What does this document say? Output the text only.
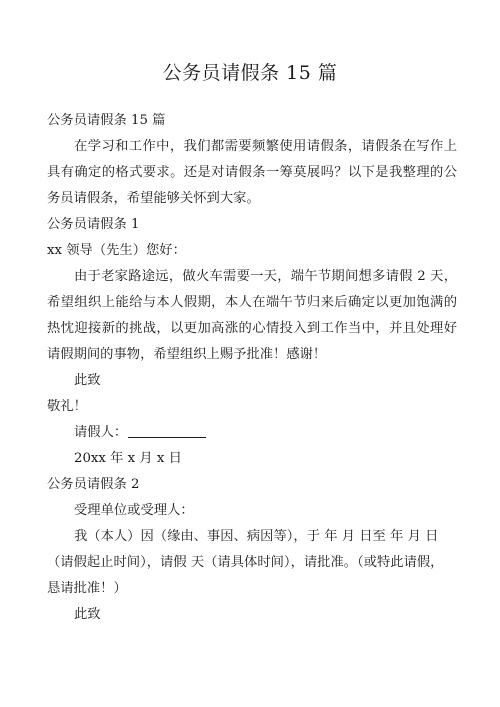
公务员请假条 15 篇
公务员请假条 15 篇
在学习和工作中，我们都需要频繁使用请假条，请假条在写作上具有确定的格式要求。还是对请假条一筹莫展吗？以下是我整理的公务员请假条，希望能够关怀到大家。
公务员请假条 1
xx 领导（先生）您好：
由于老家路途远，做火车需要一天，端午节期间想多请假 2 天，希望组织上能给与本人假期，本人在端午节归来后确定以更加饱满的热忱迎接新的挑战，以更加高涨的心情投入到工作当中，并且处理好请假期间的事物，希望组织上赐予批准！感谢！
此致
敬礼！
请假人：
20xx 年 x 月 x 日
公务员请假条 2
受理单位或受理人：
我（本人）因（缘由、事因、病因等），于 年 月 日至 年 月 日
（请假起止时间），请假 天（请具体时间），请批准。（或特此请假，
恳请批准！）
此致
